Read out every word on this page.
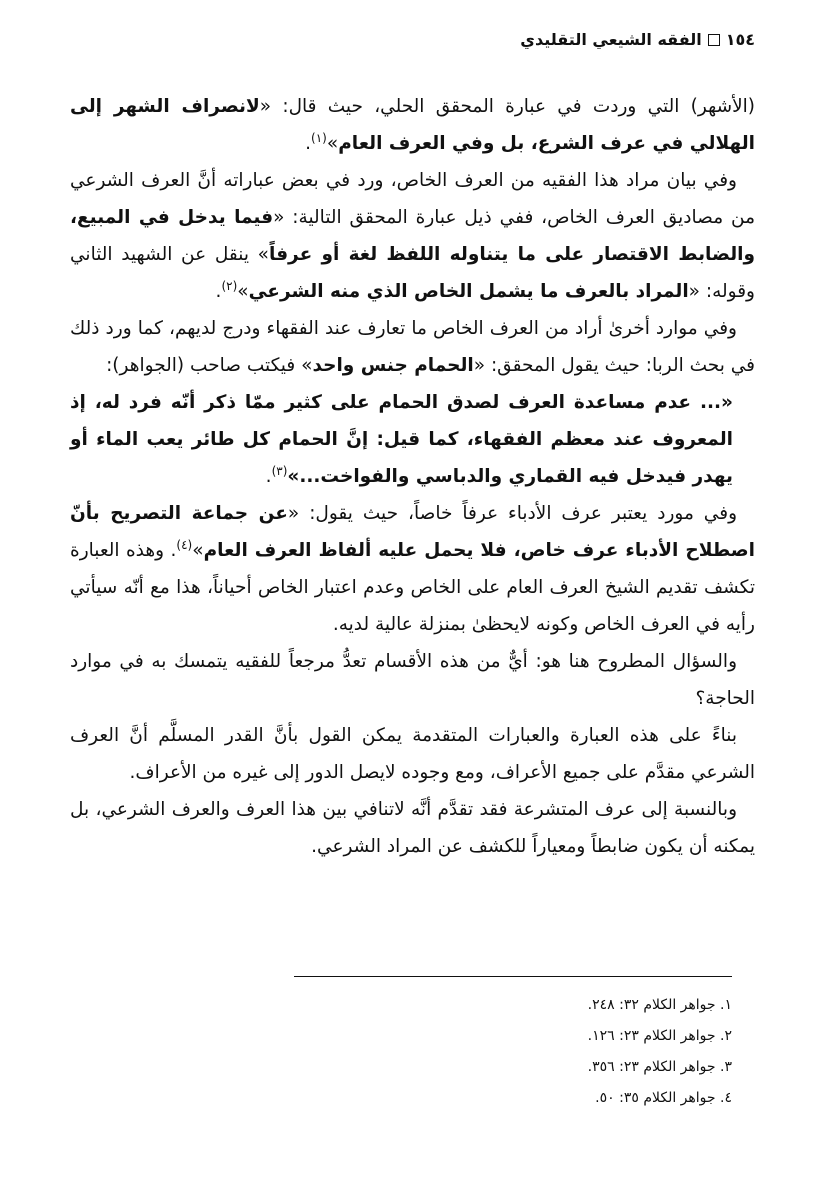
١٥٤
الفقه الشيعي التقليدي

(الأشهر) التي وردت في عبارة المحقق الحلي، حيث قال: «لانصراف الشهر إلى الهلالي في عرف الشرع، بل وفي العرف العام»$^{(١)}$.

وفي بيان مراد هذا الفقيه من العرف الخاص، ورد في بعض عباراته أنَّ العرف الشرعي من مصاديق العرف الخاص، ففي ذيل عبارة المحقق التالية: «فيما يدخل في المبيع، والضابط الاقتصار على ما يتناوله اللفظ لغة أو عرفاً» ينقل عن الشهيد الثاني وقوله: «المراد بالعرف ما يشمل الخاص الذي منه الشرعي»$^{(٢)}$.

وفي موارد أخرىٰ أراد من العرف الخاص ما تعارف عند الفقهاء ودرج لديهم، كما ورد ذلك في بحث الربا: حيث يقول المحقق: «الحمام جنس واحد» فيكتب صاحب (الجواهر):

«... عدم مساعدة العرف لصدق الحمام على كثير ممّا ذكر أنّه فرد له، إذ المعروف عند معظم الفقهاء، كما قيل: إنَّ الحمام كل طائر يعب الماء أو يهدر فيدخل فيه القماري والدباسي والفواخت...»$^{(٣)}$.

وفي مورد يعتبر عرف الأدباء عرفاً خاصاً، حيث يقول: «عن جماعة التصريح بأنّ اصطلاح الأدباء عرف خاص، فلا يحمل عليه ألفاظ العرف العام»$^{(٤)}$. وهذه العبارة تكشف تقديم الشيخ العرف العام على الخاص وعدم اعتبار الخاص أحياناً، هذا مع أنّه سيأتي رأيه في العرف الخاص وكونه لايحظىٰ بمنزلة عالية لديه.

والسؤال المطروح هنا هو: أيٌّ من هذه الأقسام تعدُّ مرجعاً للفقيه يتمسك به في موارد الحاجة؟

بناءً على هذه العبارة والعبارات المتقدمة يمكن القول بأنَّ القدر المسلَّم أنَّ العرف الشرعي مقدَّم على جميع الأعراف، ومع وجوده لايصل الدور إلى غيره من الأعراف.

وبالنسبة إلى عرف المتشرعة فقد تقدَّم أنَّه لاتنافي بين هذا العرف والعرف الشرعي، بل يمكنه أن يكون ضابطاً ومعياراً للكشف عن المراد الشرعي.

١. جواهر الكلام ٣٢: ٢٤٨.
٢. جواهر الكلام ٢٣: ١٢٦.
٣. جواهر الكلام ٢٣: ٣٥٦.
٤. جواهر الكلام ٣٥: ٥٠.
